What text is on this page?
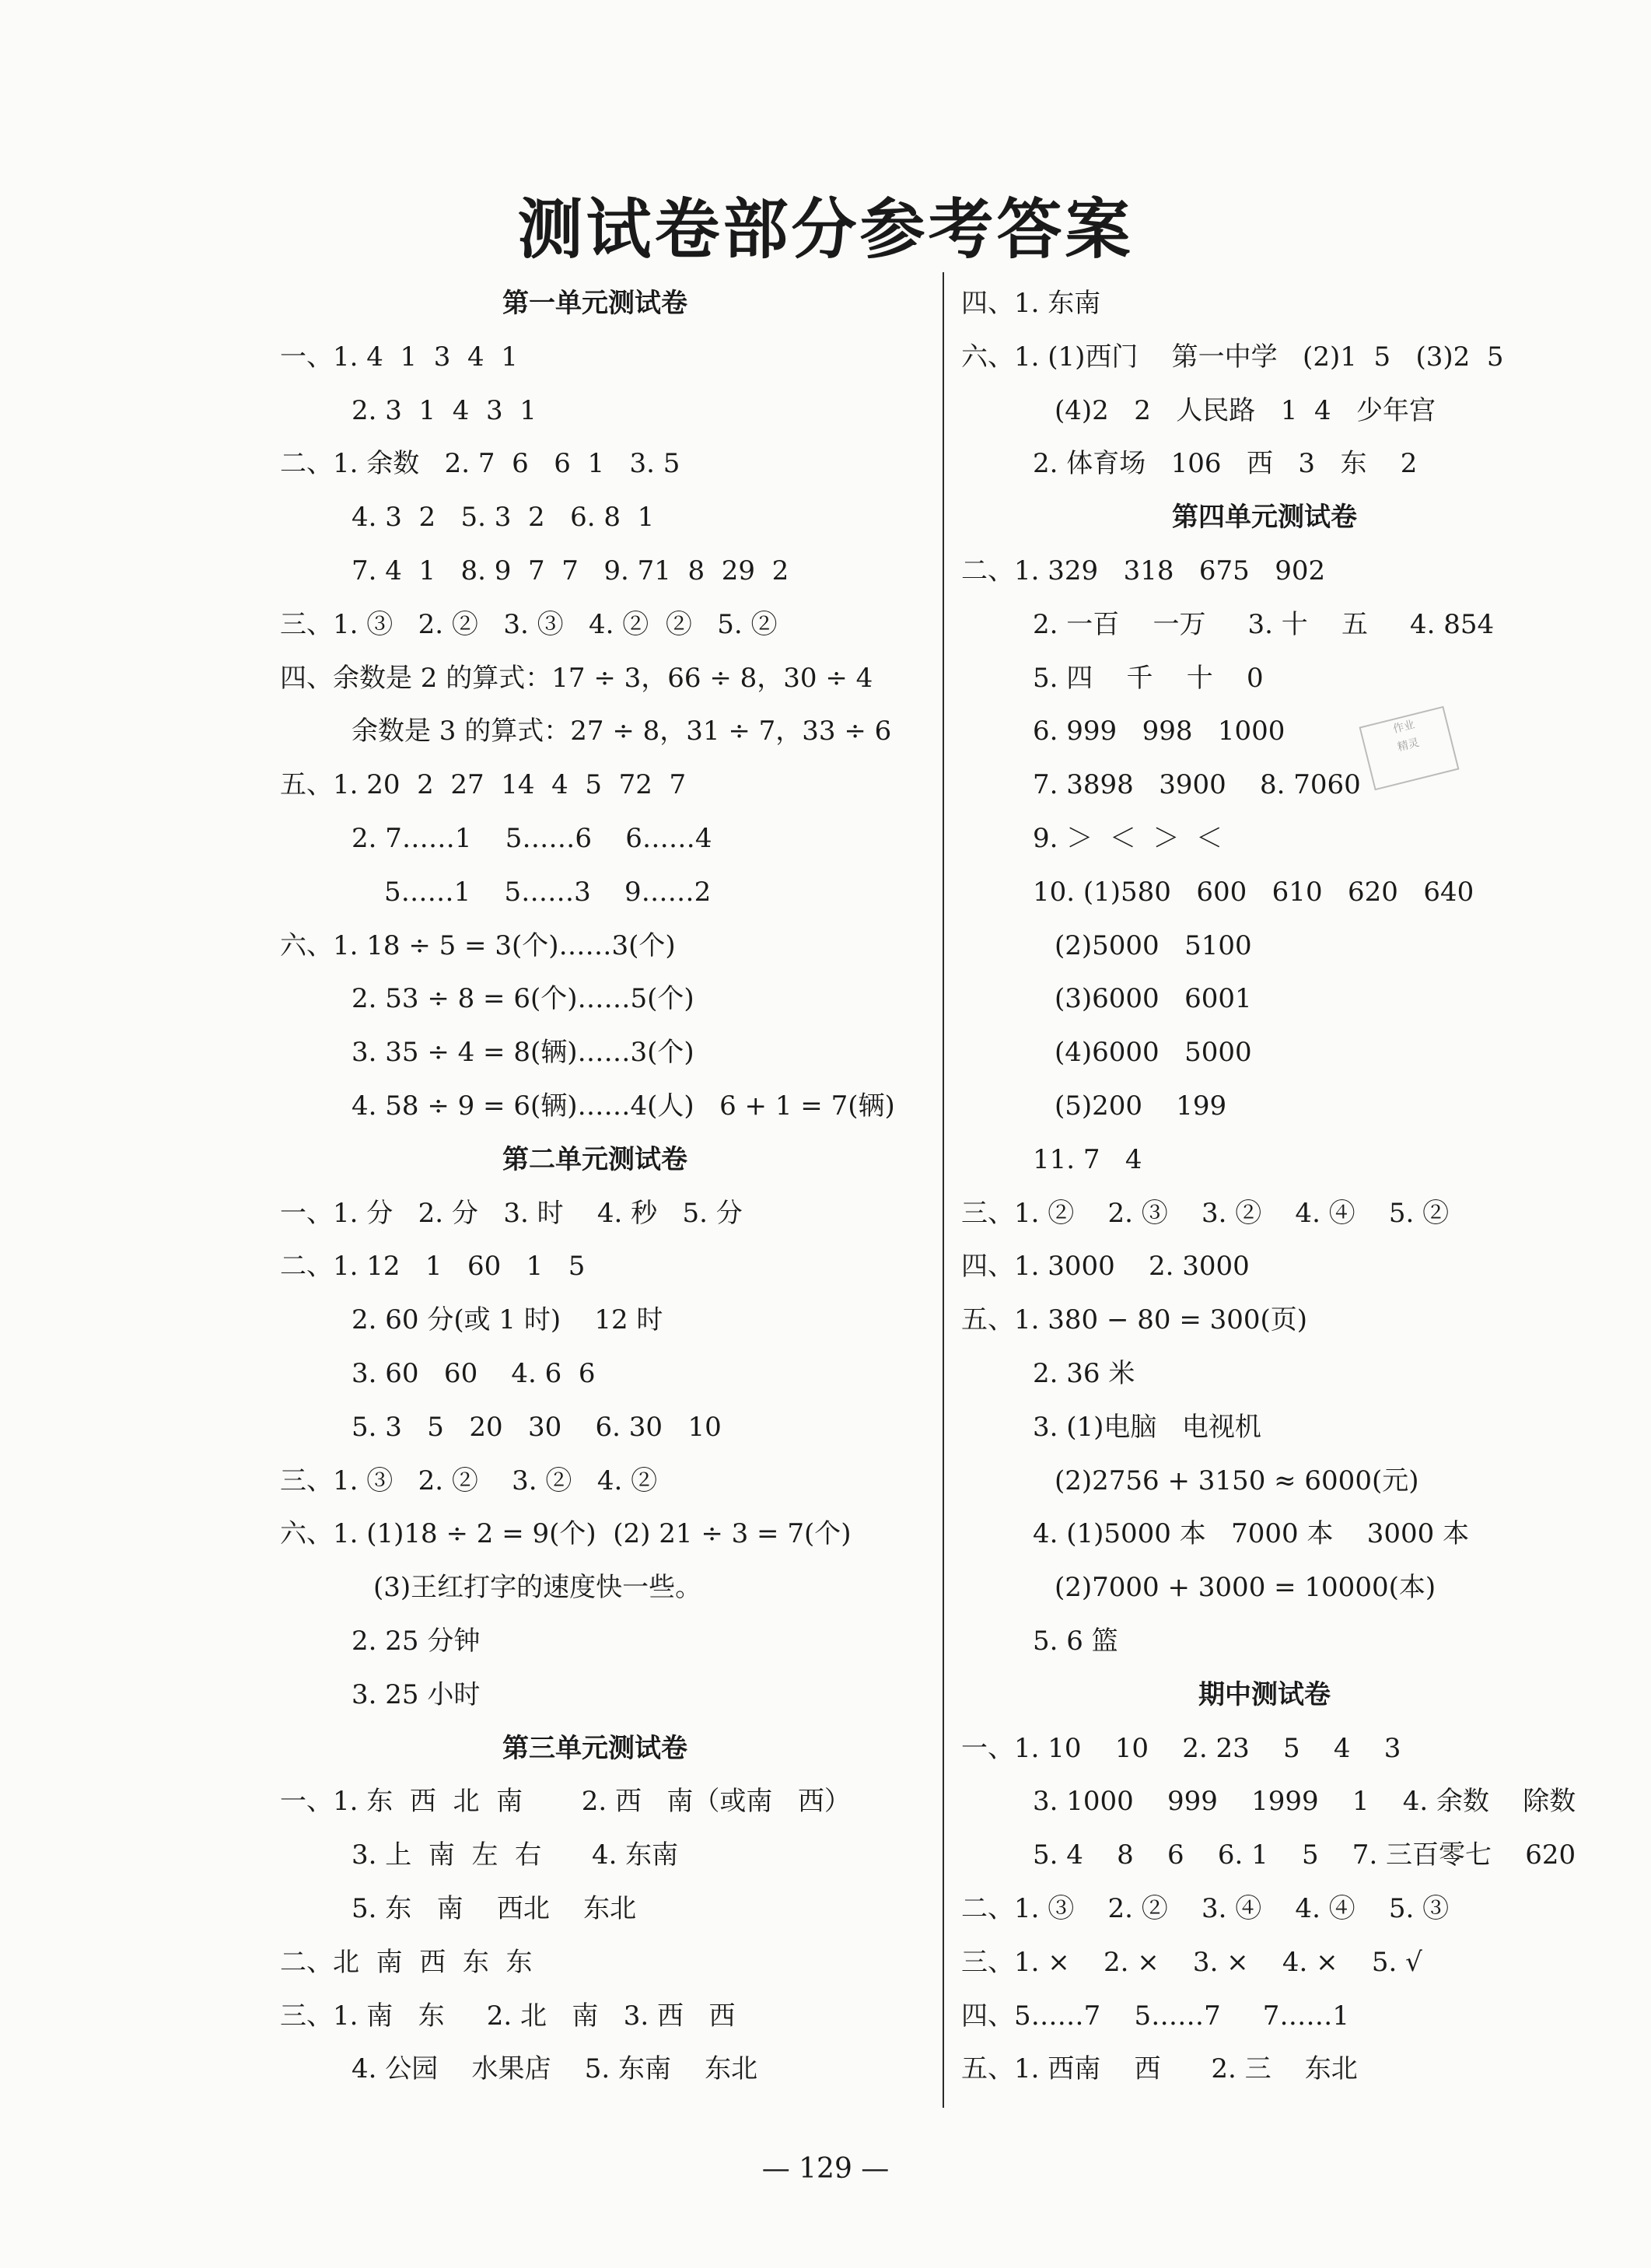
测试卷部分参考答案
第一单元测试卷
一、1. 4  1  3  4  1
2. 3  1  4  3  1
二、1. 余数   2. 7  6   6  1   3. 5
4. 3  2   5. 3  2   6. 8  1
7. 4  1   8. 9  7  7   9. 71  8  29  2
三、1. ③   2. ②   3. ③   4. ②  ②   5. ②
四、余数是 2 的算式：17 ÷ 3，66 ÷ 8，30 ÷ 4
余数是 3 的算式：27 ÷ 8，31 ÷ 7，33 ÷ 6
五、1. 20  2  27  14  4  5  72  7
2. 7……1    5……6    6……4
5……1    5……3    9……2
六、1. 18 ÷ 5 = 3(个)……3(个)
2. 53 ÷ 8 = 6(个)……5(个)
3. 35 ÷ 4 = 8(辆)……3(个)
4. 58 ÷ 9 = 6(辆)……4(人)   6 + 1 = 7(辆)
第二单元测试卷
一、1. 分   2. 分   3. 时    4. 秒   5. 分
二、1. 12   1   60   1   5
2. 60 分(或 1 时)    12 时
3. 60   60    4. 6  6
5. 3   5   20   30    6. 30   10
三、1. ③   2. ②    3. ②   4. ②
六、1. (1)18 ÷ 2 = 9(个)  (2) 21 ÷ 3 = 7(个)
(3)王红打字的速度快一些。
2. 25 分钟
3. 25 小时
第三单元测试卷
一、1. 东  西  北  南       2. 西   南（或南   西）
3. 上  南  左  右      4. 东南
5. 东   南    西北    东北
二、北  南  西  东  东
三、1. 南   东     2. 北   南   3. 西   西
4. 公园    水果店    5. 东南    东北
四、1. 东南
六、1. (1)西门    第一中学   (2)1  5   (3)2  5
(4)2   2   人民路   1  4   少年宫
2. 体育场   106   西   3   东    2
第四单元测试卷
二、1. 329   318   675   902
2. 一百    一万     3. 十    五     4. 854
5. 四    千    十    0
6. 999   998   1000
7. 3898   3900    8. 7060
9. ＞  ＜  ＞  ＜
10. (1)580   600   610   620   640
(2)5000   5100
(3)6000   6001
(4)6000   5000
(5)200    199
11. 7   4
三、1. ②    2. ③    3. ②    4. ④    5. ②
四、1. 3000    2. 3000
五、1. 380 − 80 = 300(页)
2. 36 米
3. (1)电脑   电视机
(2)2756 + 3150 ≈ 6000(元)
4. (1)5000 本   7000 本    3000 本
(2)7000 + 3000 = 10000(本)
5. 6 篮
期中测试卷
一、1. 10    10    2. 23    5    4    3
3. 1000    999    1999    1    4. 余数    除数
5. 4    8    6    6. 1    5    7. 三百零七    620
二、1. ③    2. ②    3. ④    4. ④    5. ③
三、1. ×    2. ×    3. ×    4. ×    5. √
四、5……7    5……7     7……1
五、1. 西南    西      2. 三    东北
作业
精灵
— 129 —
